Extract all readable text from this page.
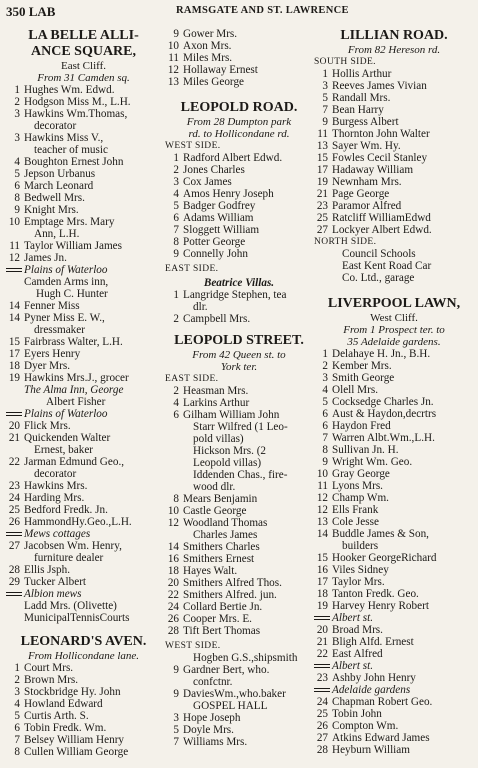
350 LAB	RAMSGATE AND ST. LAWRENCE
LA BELLE ALLI-
ANCE SQUARE,
East Cliff.
From 31 Camden sq.
1 Hughes Wm. Edwd.
2 Hodgson Miss M., L.H.
3 Hawkins Wm.Thomas,
decorator
3 Hawkins Miss V.,
teacher of music
4 Boughton Ernest John
5 Jepson Urbanus
6 March Leonard
8 Bedwell Mrs.
9 Knight Mrs.
10 Emptage Mrs. Mary
Ann, L.H.
11 Taylor William James
12 James Jn.
Plains of Waterloo
Camden Arms inn,
Hugh C. Hunter
14 Fenner Miss
14 Pyner Miss E. W.,
dressmaker
15 Fairbrass Walter, L.H.
17 Eyers Henry
18 Dyer Mrs.
19 Hawkins Mrs.J., grocer
The Alma Inn, George
Albert Fisher
Plains of Waterloo
20 Flick Mrs.
21 Quickenden Walter
Ernest, baker
22 Jarman Edmund Geo.,
decorator
23 Hawkins Mrs.
24 Harding Mrs.
25 Bedford Fredk. Jn.
26 HammondHy.Geo.,L.H.
Mews cottages
27 Jacobsen Wm. Henry,
furniture dealer
28 Ellis Jsph.
29 Tucker Albert
Albion mews
Ladd Mrs. (Olivette)
MunicipalTennisCourts
LEONARD'S AVEN.
From Hollicondane lane.
1 Court Mrs.
2 Brown Mrs.
3 Stockbridge Hy. John
4 Howland Edward
5 Curtis Arth. S.
6 Tobin Fredk. Wm.
7 Belsey William Henry
8 Cullen William George
9 Gower Mrs.
10 Axon Mrs.
11 Miles Mrs.
12 Hollaway Ernest
13 Miles George
LEOPOLD ROAD.
From 28 Dumpton park
rd. to Hollicondane rd.
WEST SIDE.
1 Radford Albert Edwd.
2 Jones Charles
3 Cox James
4 Amos Henry Joseph
5 Badger Godfrey
6 Adams William
7 Sloggett William
8 Potter George
9 Connelly John
EAST SIDE.
Beatrice Villas.
1 Langridge Stephen, tea
dlr.
2 Campbell Mrs.
LEOPOLD STREET.
From 42 Queen st. to
York ter.
EAST SIDE.
2 Heasman Mrs.
4 Larkins Arthur
6 Gilham William John
Starr Wilfred (1 Leo-
pold villas)
Hickson Mrs. (2
Leopold villas)
Iddenden Chas., fire-
wood dlr.
8 Mears Benjamin
10 Castle George
12 Woodland Thomas
Charles James
14 Smithers Charles
16 Smithers Ernest
18 Hayes Walt.
20 Smithers Alfred Thos.
22 Smithers Alfred. jun.
24 Collard Bertie Jn.
26 Cooper Mrs. E.
28 Tift Bert Thomas
WEST SIDE.
Hogben G.S.,shipsmith
9 Gardner Bert, who.
confctnr.
9 DaviesWm.,who.baker
GOSPEL HALL
3 Hope Joseph
5 Doyle Mrs.
7 Williams Mrs.
LILLIAN ROAD.
From 82 Hereson rd.
SOUTH SIDE.
1 Hollis Arthur
3 Reeves James Vivian
5 Randall Mrs.
7 Bean Harry
9 Burgess Albert
11 Thornton John Walter
13 Sayer Wm. Hy.
15 Fowles Cecil Stanley
17 Hadaway William
19 Newnham Mrs.
21 Page George
23 Paramor Alfred
25 Ratcliff WilliamEdwd
27 Lockyer Albert Edwd.
NORTH SIDE.
Council Schools
East Kent Road Car
Co. Ltd., garage
LIVERPOOL LAWN,
West Cliff.
From 1 Prospect ter. to
35 Adelaide gardens.
1 Delahaye H. Jn., B.H.
2 Kember Mrs.
3 Smith George
4 Olell Mrs.
5 Cocksedge Charles Jn.
6 Aust & Haydon,decrtrs
6 Haydon Fred
7 Warren Albt.Wm.,L.H.
8 Sullivan Jn. H.
9 Wright Wm. Geo.
10 Gray George
11 Lyons Mrs.
12 Champ Wm.
12 Ells Frank
13 Cole Jesse
14 Buddle James & Son,
builders
15 Hooker GeorgeRichard
16 Viles Sidney
17 Taylor Mrs.
18 Tanton Fredk. Geo.
19 Harvey Henry Robert
Albert st.
20 Broad Mrs.
21 Bligh Alfd. Ernest
22 East Alfred
Albert st.
23 Ashby John Henry
Adelaide gardens
24 Chapman Robert Geo.
25 Tobin John
26 Compton Wm.
27 Atkins Edward James
28 Heyburn William
